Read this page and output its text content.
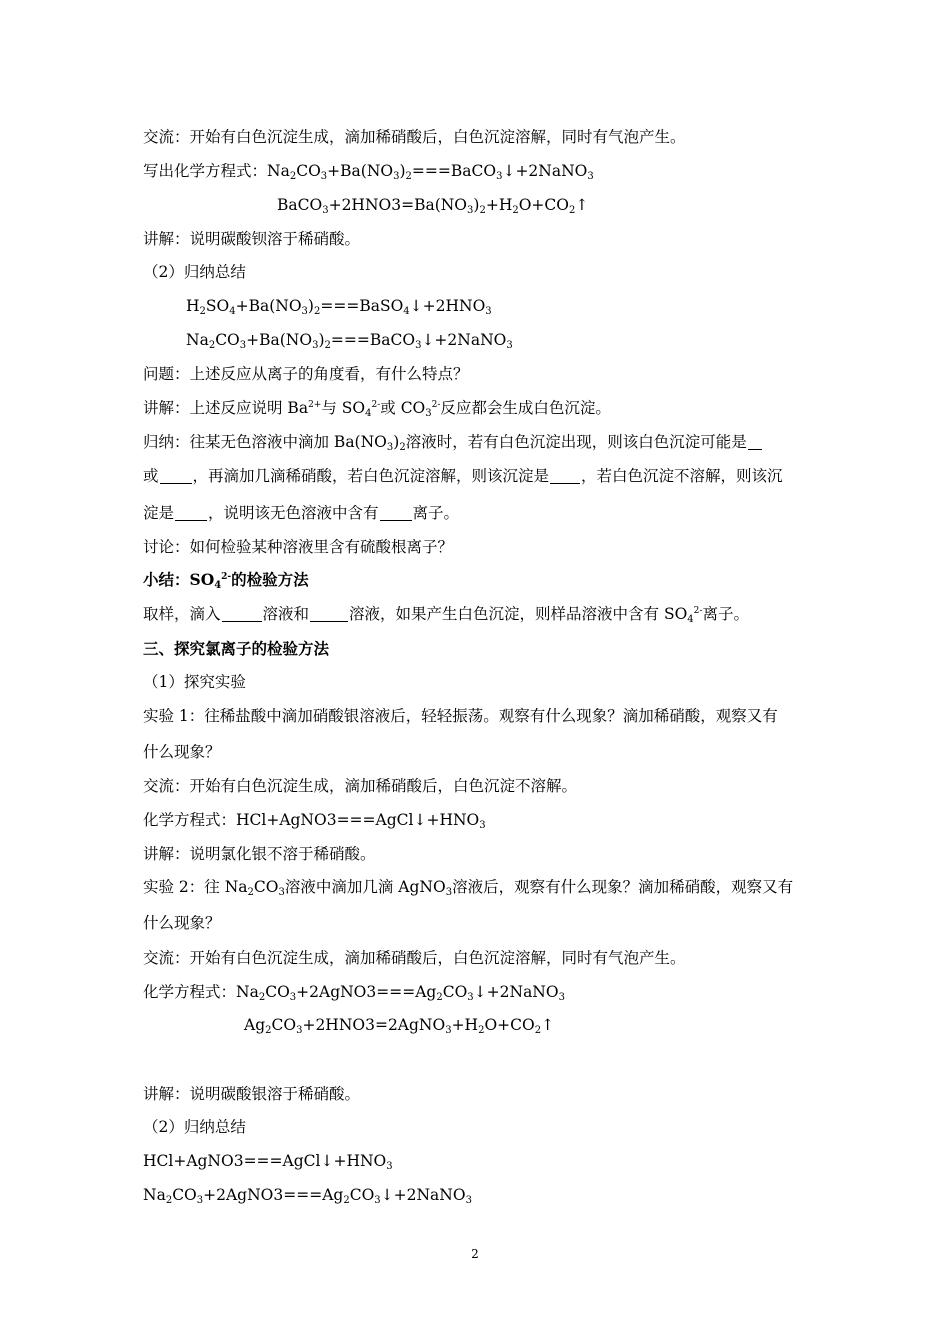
交流：开始有白色沉淀生成，滴加稀硝酸后，白色沉淀溶解，同时有气泡产生。
写出化学方程式：$Na_2CO_3+Ba(NO_3)_2===BaCO_3↓+2NaNO_3$
$BaCO_3+2HNO3=Ba(NO_3)_2+H_2O+CO_2↑$
讲解：说明碳酸钡溶于稀硝酸。
（2）归纳总结
$H_2SO_4+Ba(NO_3)_2===BaSO_4↓+2HNO_3$
$Na_2CO_3+Ba(NO_3)_2===BaCO_3↓+2NaNO_3$
问题：上述反应从离子的角度看，有什么特点？
讲解：上述反应说明 $Ba^{2+}$与 $SO_4^{2-}$或 $CO_3^{2-}$反应都会生成白色沉淀。
归纳：往某无色溶液中滴加 $Ba(NO_3)_2$溶液时，若有白色沉淀出现，则该白色沉淀可能是
或 ，再滴加几滴稀硝酸，若白色沉淀溶解，则该沉淀是 ，若白色沉淀不溶解，则该沉
淀是 ，说明该无色溶液中含有 离子。
讨论：如何检验某种溶液里含有硫酸根离子？
小结：$SO_4^{2-}$的检验方法
取样，滴入	溶液和	溶液，如果产生白色沉淀，则样品溶液中含有 $SO_4^{2-}$离子。
三、探究氯离子的检验方法
（1）探究实验
实验 1：往稀盐酸中滴加硝酸银溶液后，轻轻振荡。观察有什么现象？滴加稀硝酸，观察又有
什么现象？
交流：开始有白色沉淀生成，滴加稀硝酸后，白色沉淀不溶解。
化学方程式：$HCl+AgNO3===AgCl↓+HNO_3$
讲解：说明氯化银不溶于稀硝酸。
实验 2：往 $Na_2CO_3$溶液中滴加几滴 AgNO$_3$溶液后，观察有什么现象？滴加稀硝酸，观察又有
什么现象？
交流：开始有白色沉淀生成，滴加稀硝酸后，白色沉淀溶解，同时有气泡产生。
化学方程式：$Na_2CO_3+2AgNO3===Ag_2CO_3↓+2NaNO_3$
$Ag_2CO_3+2HNO3=2AgNO_3+H_2O+CO_2↑$
讲解：说明碳酸银溶于稀硝酸。
（2）归纳总结
$HCl+AgNO3===AgCl↓+HNO_3$
$Na_2CO_3+2AgNO3===Ag_2CO_3↓+2NaNO_3$
2
